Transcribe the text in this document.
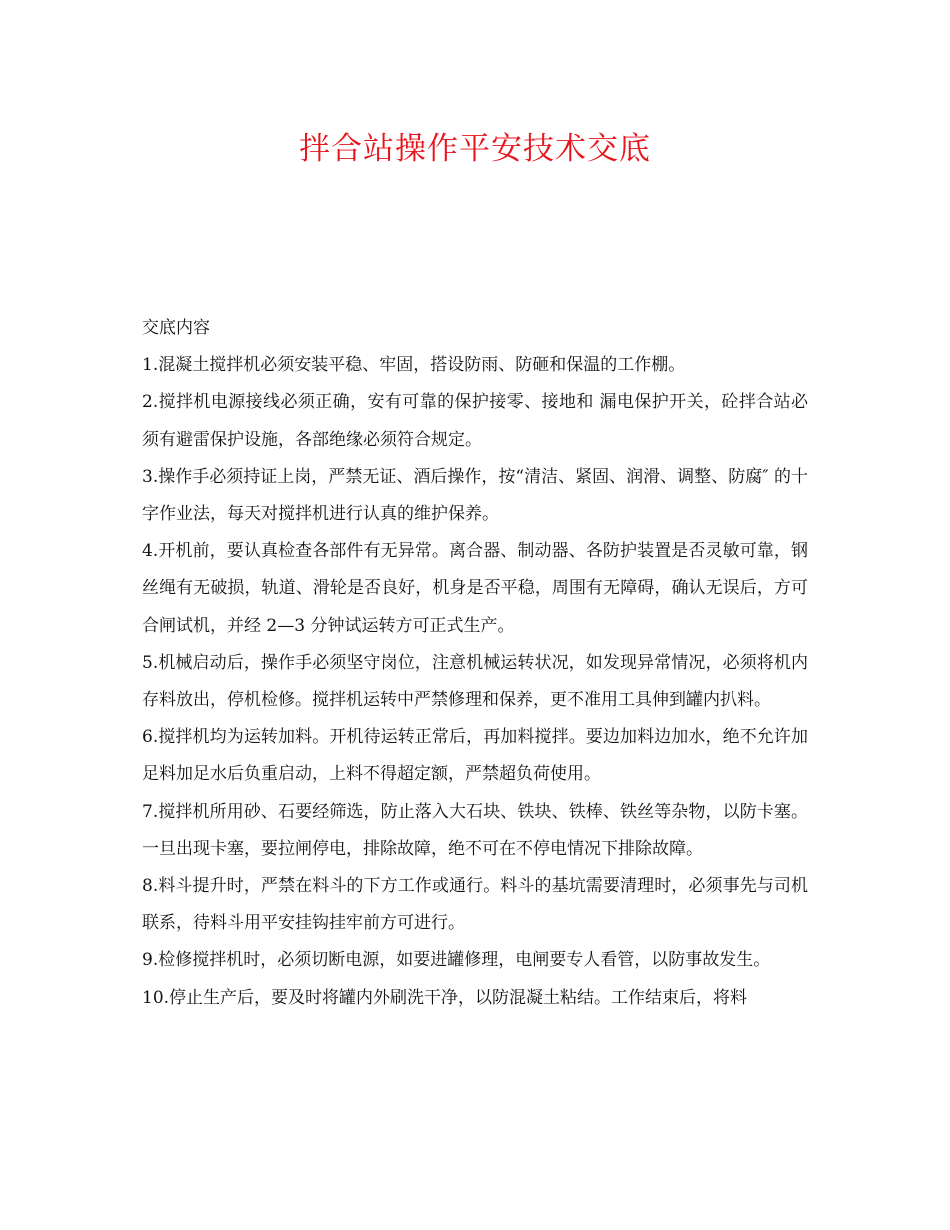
拌合站操作平安技术交底

交底内容

1.混凝土搅拌机必须安装平稳、牢固，搭设防雨、防砸和保温的工作棚。

2.搅拌机电源接线必须正确，安有可靠的保护接零、接地和 漏电保护开关，砼拌合站必须有避雷保护设施，各部绝缘必须符合规定。

3.操作手必须持证上岗，严禁无证、酒后操作，按“清洁、紧固、润滑、调整、防腐″ 的十字作业法，每天对搅拌机进行认真的维护保养。

4.开机前，要认真检查各部件有无异常。离合器、制动器、各防护装置是否灵敏可靠，钢丝绳有无破损，轨道、滑轮是否良好，机身是否平稳，周围有无障碍，确认无误后，方可合闸试机，并经 2—3 分钟试运转方可正式生产。

5.机械启动后，操作手必须坚守岗位，注意机械运转状况，如发现异常情况，必须将机内存料放出，停机检修。搅拌机运转中严禁修理和保养，更不准用工具伸到罐内扒料。

6.搅拌机均为运转加料。开机待运转正常后，再加料搅拌。要边加料边加水，绝不允许加足料加足水后负重启动，上料不得超定额，严禁超负荷使用。

7.搅拌机所用砂、石要经筛选，防止落入大石块、铁块、铁棒、铁丝等杂物，以防卡塞。一旦出现卡塞，要拉闸停电，排除故障，绝不可在不停电情况下排除故障。

8.料斗提升时，严禁在料斗的下方工作或通行。料斗的基坑需要清理时，必须事先与司机联系，待料斗用平安挂钩挂牢前方可进行。

9.检修搅拌机时，必须切断电源，如要进罐修理，电闸要专人看管，以防事故发生。

10.停止生产后，要及时将罐内外刷洗干净，以防混凝土粘结。工作结束后，将料
